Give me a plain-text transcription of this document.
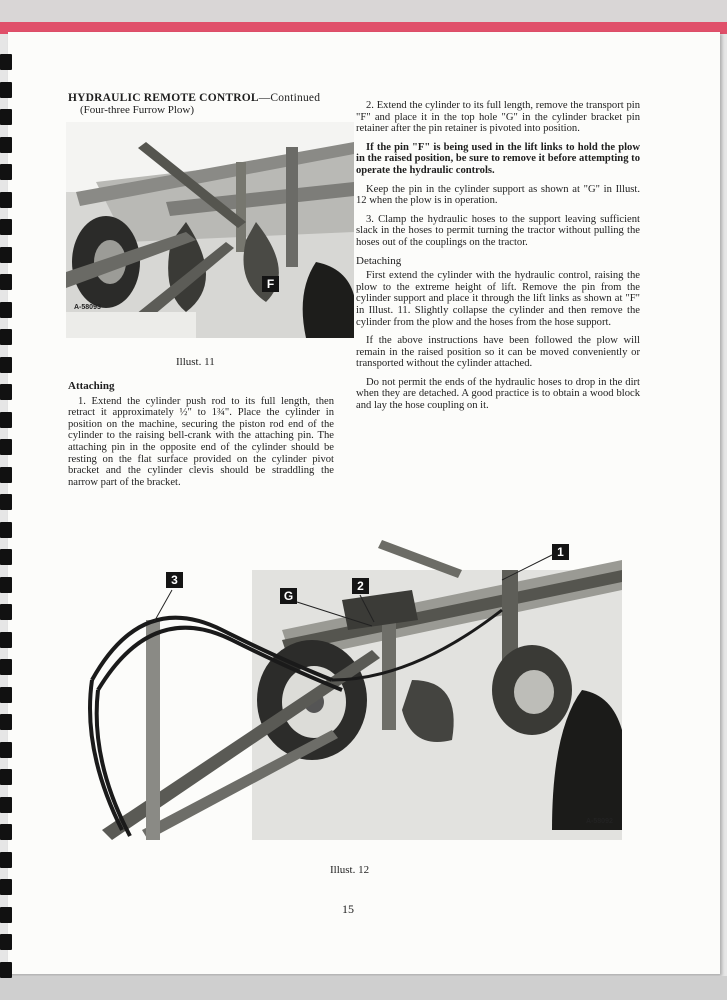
HYDRAULIC REMOTE CONTROL—Continued
(Four-three Furrow Plow)
F
A-58093
Illust. 11
Attaching

1. Extend the cylinder push rod to its full length, then retract it approximately ½" to 1¾". Place the cylinder in position on the machine, securing the piston rod end of the cylinder to the raising bell-crank with the attaching pin. The attaching pin in the opposite end of the cylinder should be resting on the flat surface provided on the cylinder pivot bracket and the cylinder clevis should be straddling the narrow part of the bracket.

2. Extend the cylinder to its full length, remove the transport pin "F" and place it in the top hole "G" in the cylinder bracket pin retainer after the pin retainer is pivoted into position.

If the pin "F" is being used in the lift links to hold the plow in the raised position, be sure to remove it before attempting to operate the hydraulic controls.

Keep the pin in the cylinder support as shown at "G" in Illust. 12 when the plow is in operation.

3. Clamp the hydraulic hoses to the support leaving sufficient slack in the hoses to permit turning the tractor without pulling the hoses out of the couplings on the tractor.

Detaching

First extend the cylinder with the hydraulic control, raising the plow to the extreme height of lift. Remove the pin from the cylinder support and place it through the lift links as shown at "F" in Illust. 11. Slightly collapse the cylinder and then remove the cylinder from the plow and the hoses from the hose support.

If the above instructions have been followed the plow will remain in the raised position so it can be moved conveniently or transported without the cylinder attached.

Do not permit the ends of the hydraulic hoses to drop in the dirt when they are detached. A good practice is to obtain a wood block and lay the hose coupling on it.

3
G
2
1
A-58092
Illust. 12
15
